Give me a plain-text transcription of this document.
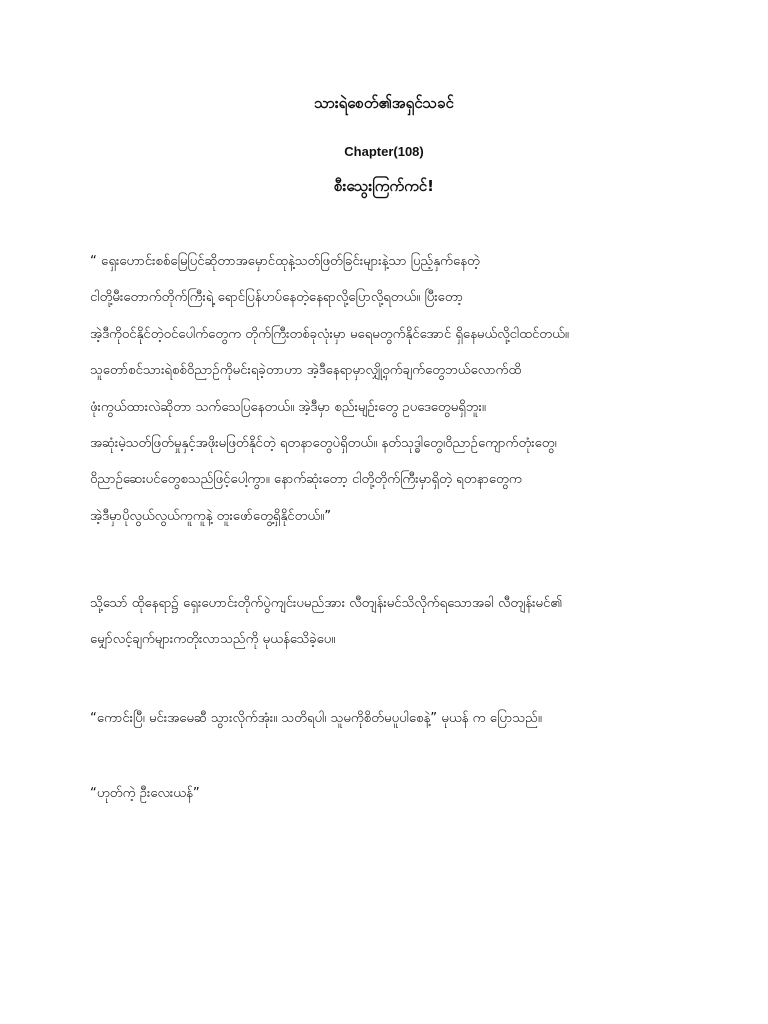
သားရဲစေတ်၏အရှင်သခင်
Chapter(108)
စီးသွေးကြက်ကင်!
“ ရှေးဟောင်းစစ်မြေပြင်ဆိုတာအမှောင်ထုနဲ့သတ်ဖြတ်ခြင်းများနဲ့သာ ပြည့်နှက်နေတဲ့
ငါတို့မီးတောက်တိုက်ကြီးရဲ့ ရောင်ပြန်ဟပ်နေတဲ့နေရာလို့ပြောလို့ရတယ်။ ပြီးတော့
အဲ့ဒီကိုဝင်နိုင်တဲ့ဝင်ပေါက်တွေက တိုက်ကြီးတစ်ခုလုံးမှာ မရေမတွက်နိုင်အောင် ရှိနေမယ်လို့ငါထင်တယ်။
သူတော်စင်သားရဲစစ်ဝိညာဉ်ကိုမင်းရခဲ့တာဟာ အဲ့ဒီနေရာမှာလျှို့ဝှက်ချက်တွေဘယ်လောက်ထိ
ဖုံးကွယ်ထားလဲဆိုတာ သက်သေပြနေတယ်။ အဲ့ဒီမှာ စည်းမျဉ်းတွေ ဥပဒေတွေမရှိဘူး။
အဆုံးမဲ့သတ်ဖြတ်မှုနှင့်အဖိုးမဖြတ်နိုင်တဲ့ ရတနာတွေပဲရှိတယ်။ နတ်သုဒ္ဓါတွေ၊ဝိညာဉ်ကျောက်တုံးတွေ၊
ဝိညာဉ်ဆေးပင်တွေစသည်ဖြင့်ပေါ့ကွာ။ နောက်ဆုံးတော့ ငါတို့တိုက်ကြီးမှာရှိတဲ့ ရတနာတွေက
အဲ့ဒီမှာပိုလွယ်လွယ်ကူကူနဲ့ တူးဖော်တွေ့ရှိနိုင်တယ်။”
သို့သော် ထိုနေရာ၌ ရှေးဟောင်းတိုက်ပွဲကျင်းပမည်အား လီတျန်းမင်သိလိုက်ရသောအခါ လီတျန်းမင်၏
မျှော်လင့်ချက်များကတိုးလာသည်ကို မုယန်သေိခဲ့ပေ။
“ကောင်းပြီ၊ မင်းအမေဆီ သွားလိုက်အုံး။ သတိရပါ၊ သူမကိုစိတ်မပူပါစေနဲ့” မုယန် က ပြောသည်။
“ဟုတ်ကဲ့ ဦးလေးယန်”
